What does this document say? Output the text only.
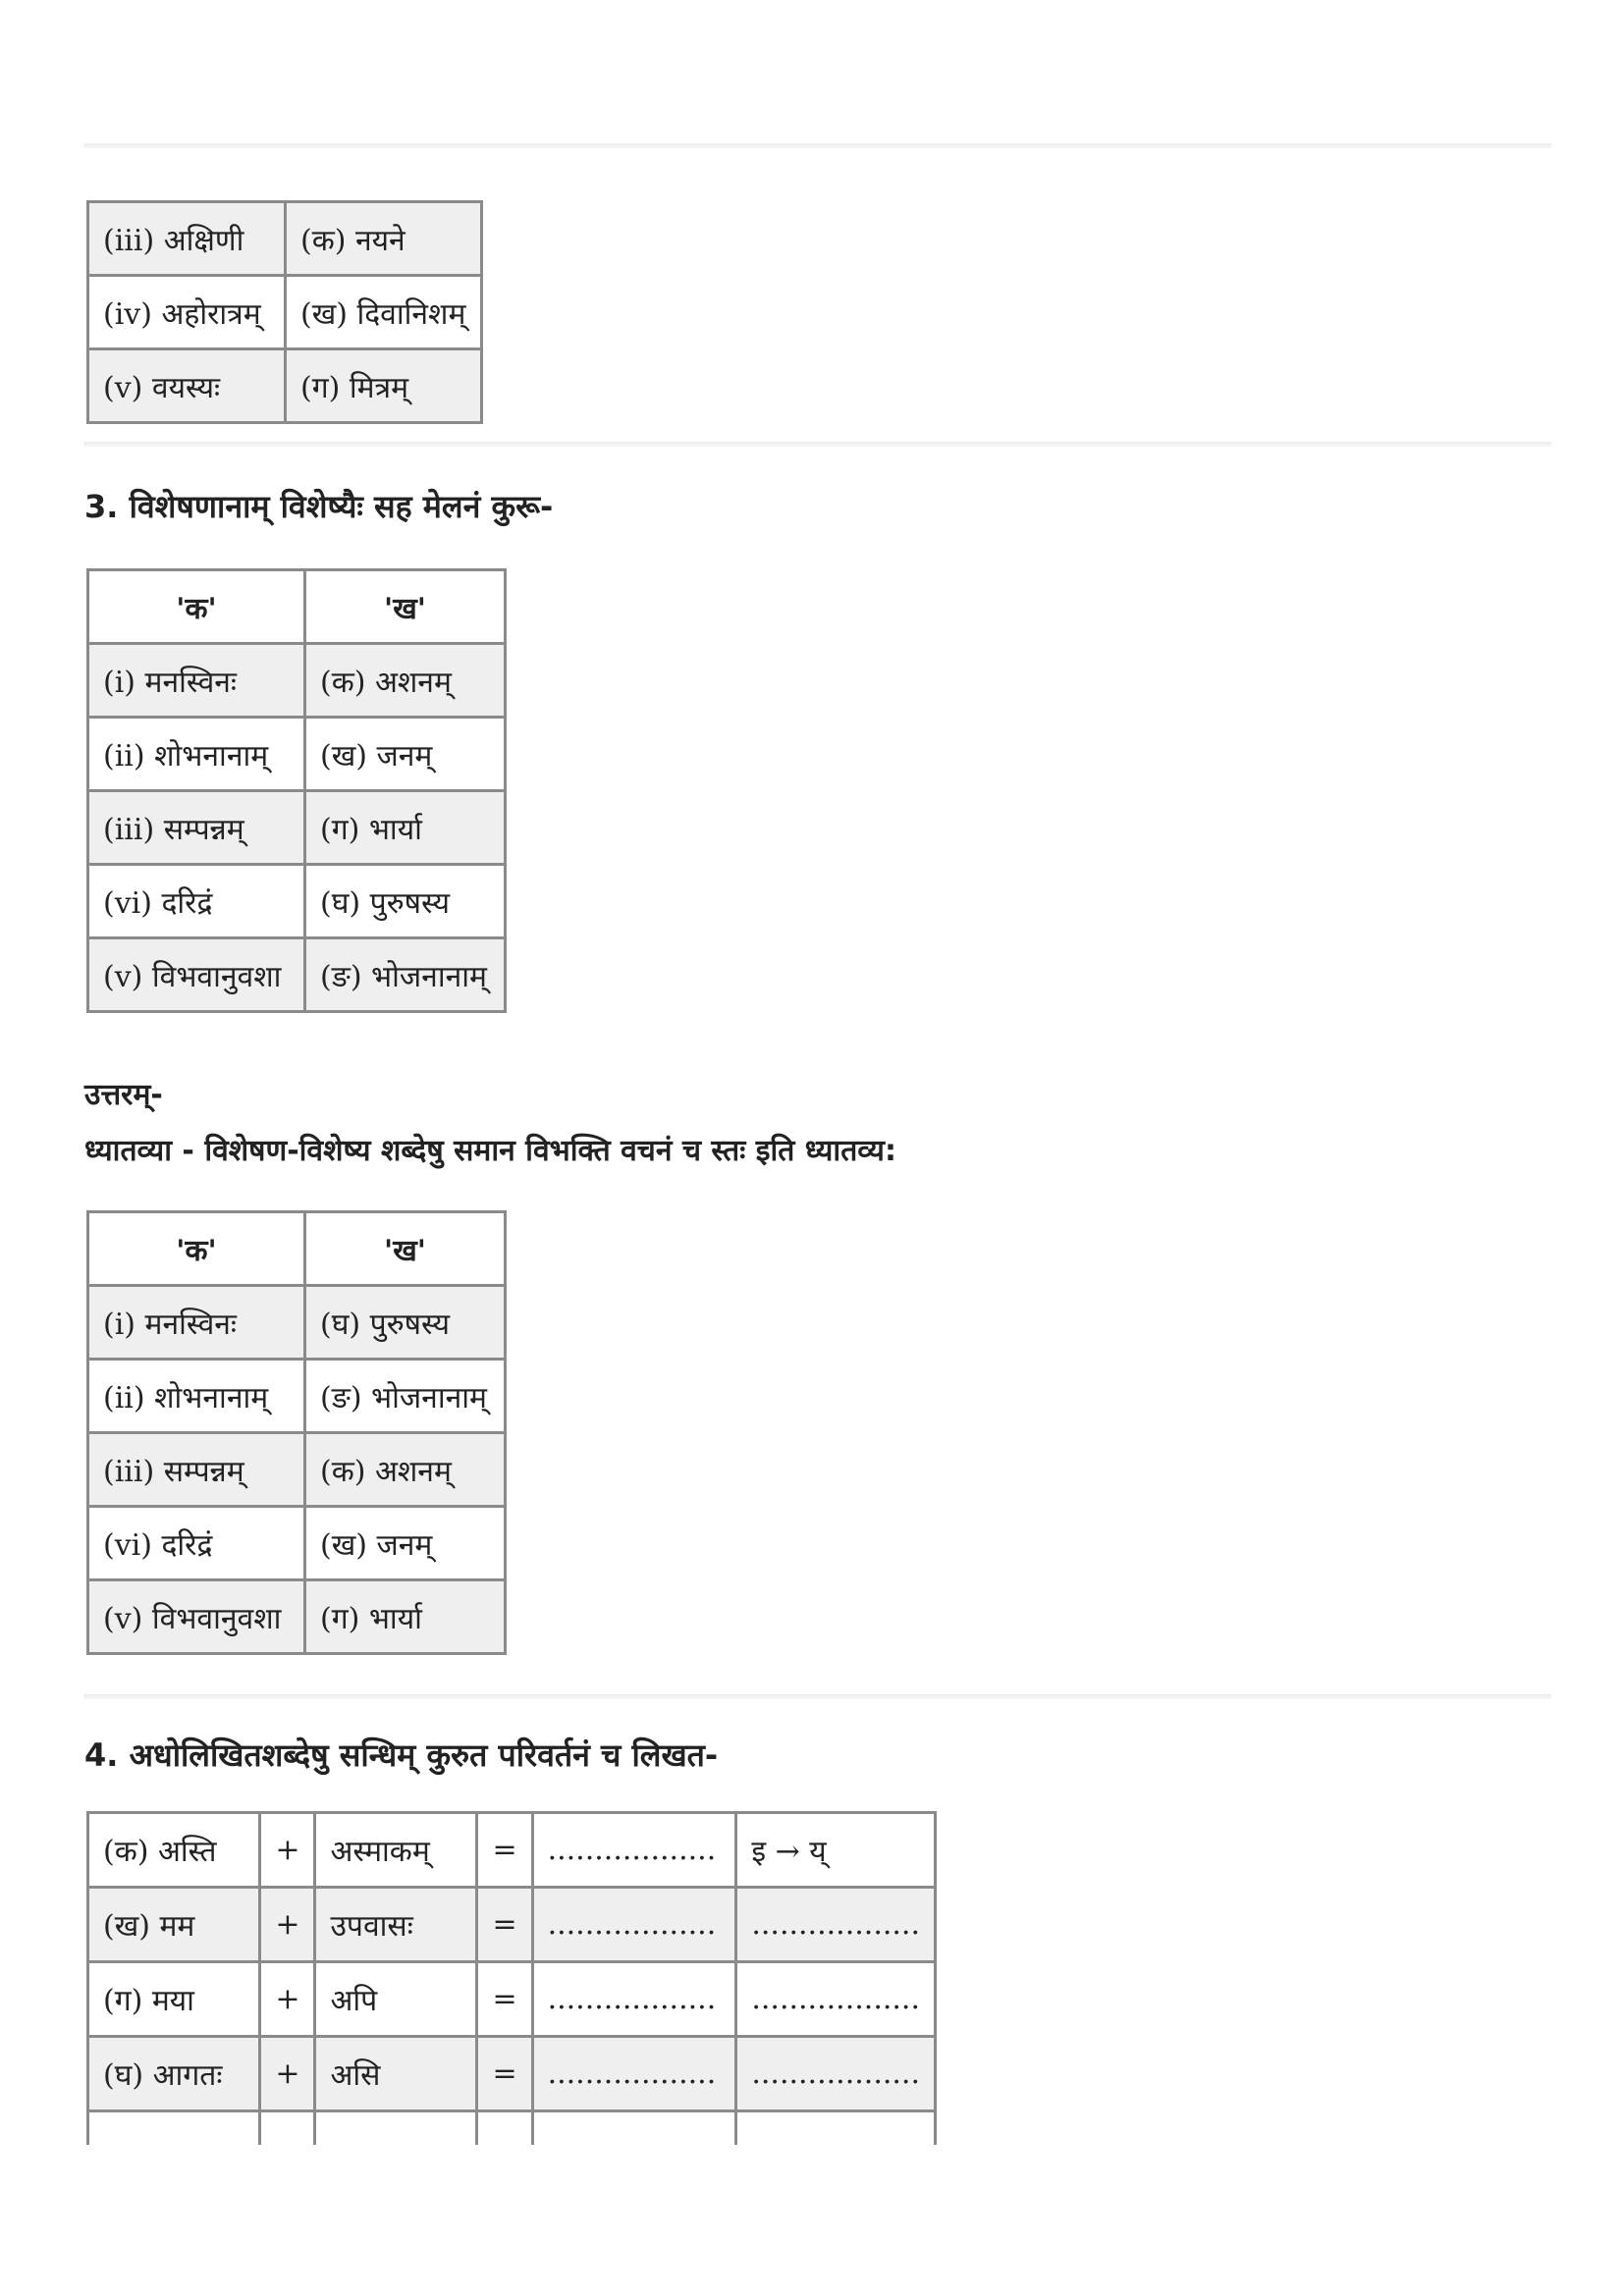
(iii) अक्षिणी	(क) नयने
(iv) अहोरात्रम्	(ख) दिवानिशम्
(v) वयस्यः	(ग) मित्रम्
3. विशेषणानाम् विशेष्यैः सह मेलनं कुरू-
'क'	'ख'
(i) मनस्विनः	(क) अशनम्
(ii) शोभनानाम्	(ख) जनम्
(iii) सम्पन्नम्	(ग) भार्या
(vi) दरिद्रं	(घ) पुरुषस्य
(v) विभवानुवशा	(ङ) भोजनानाम्
उत्तरम्-
ध्यातव्या - विशेषण-विशेष्य शब्देषु समान विभक्ति वचनं च स्तः इति ध्यातव्य:
'क'	'ख'
(i) मनस्विनः	(घ) पुरुषस्य
(ii) शोभनानाम्	(ङ) भोजनानाम्
(iii) सम्पन्नम्	(क) अशनम्
(vi) दरिद्रं	(ख) जनम्
(v) विभवानुवशा	(ग) भार्या
4. अधोलिखितशब्देषु सन्धिम् कुरुत परिवर्तनं च लिखत-
(क) अस्ति	+	अस्माकम्	=	..................	इ → य्
(ख) मम	+	उपवासः	=	..................	..................
(ग) मया	+	अपि	=	..................	..................
(घ) आगतः	+	असि	=	..................	..................
